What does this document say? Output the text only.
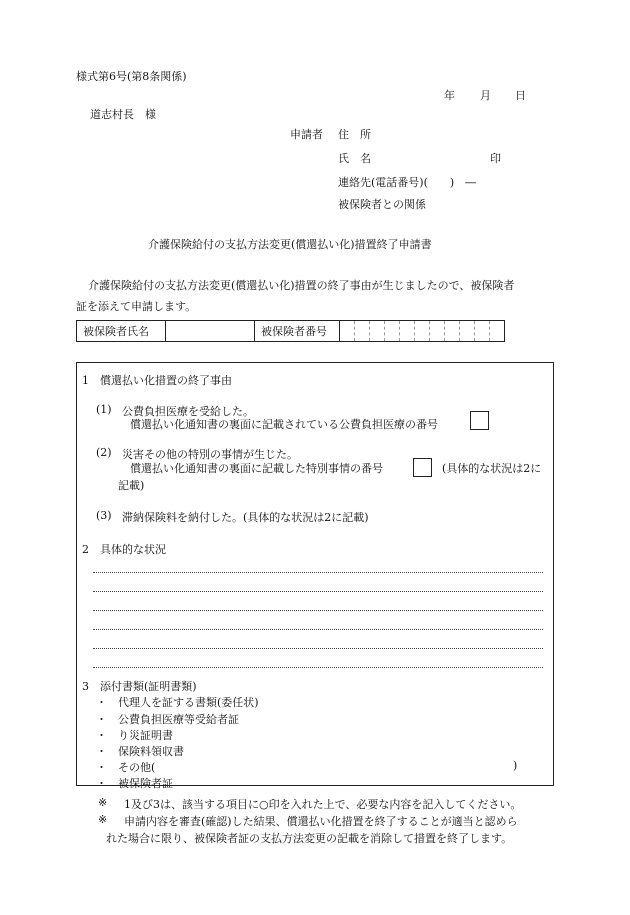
様式第6号(第8条関係)
年 月 日
道志村長　様
申請者 住　所
氏　名	印
連絡先(電話番号)(　　)　―
被保険者との関係
介護保険給付の支払方法変更(償還払い化)措置終了申請書
介護保険給付の支払方法変更(償還払い化)措置の終了事由が生じましたので、被保険者
証を添えて申請します。
被保険者氏名		被保険者番号	
1　償還払い化措置の終了事由
(1) 公費負担医療を受給した。
償還払い化通知書の裏面に記載されている公費負担医療の番号
(2) 災害その他の特別の事情が生じた。
償還払い化通知書の裏面に記載した特別事情の番号	(具体的な状況は2に
記載)
(3) 滞納保険料を納付した。(具体的な状況は2に記載)
2　具体的な状況
3　添付書類(証明書類)
・ 代理人を証する書類(委任状)
・ 公費負担医療等受給者証
・ り災証明書
・ 保険料領収書
・ その他(	)
・ 被保険者証
※ 1及び3は、該当する項目に○印を入れた上で、必要な内容を記入してください。
※ 申請内容を審査(確認)した結果、償還払い化措置を終了することが適当と認めら
れた場合に限り、被保険者証の支払方法変更の記載を消除して措置を終了します。
